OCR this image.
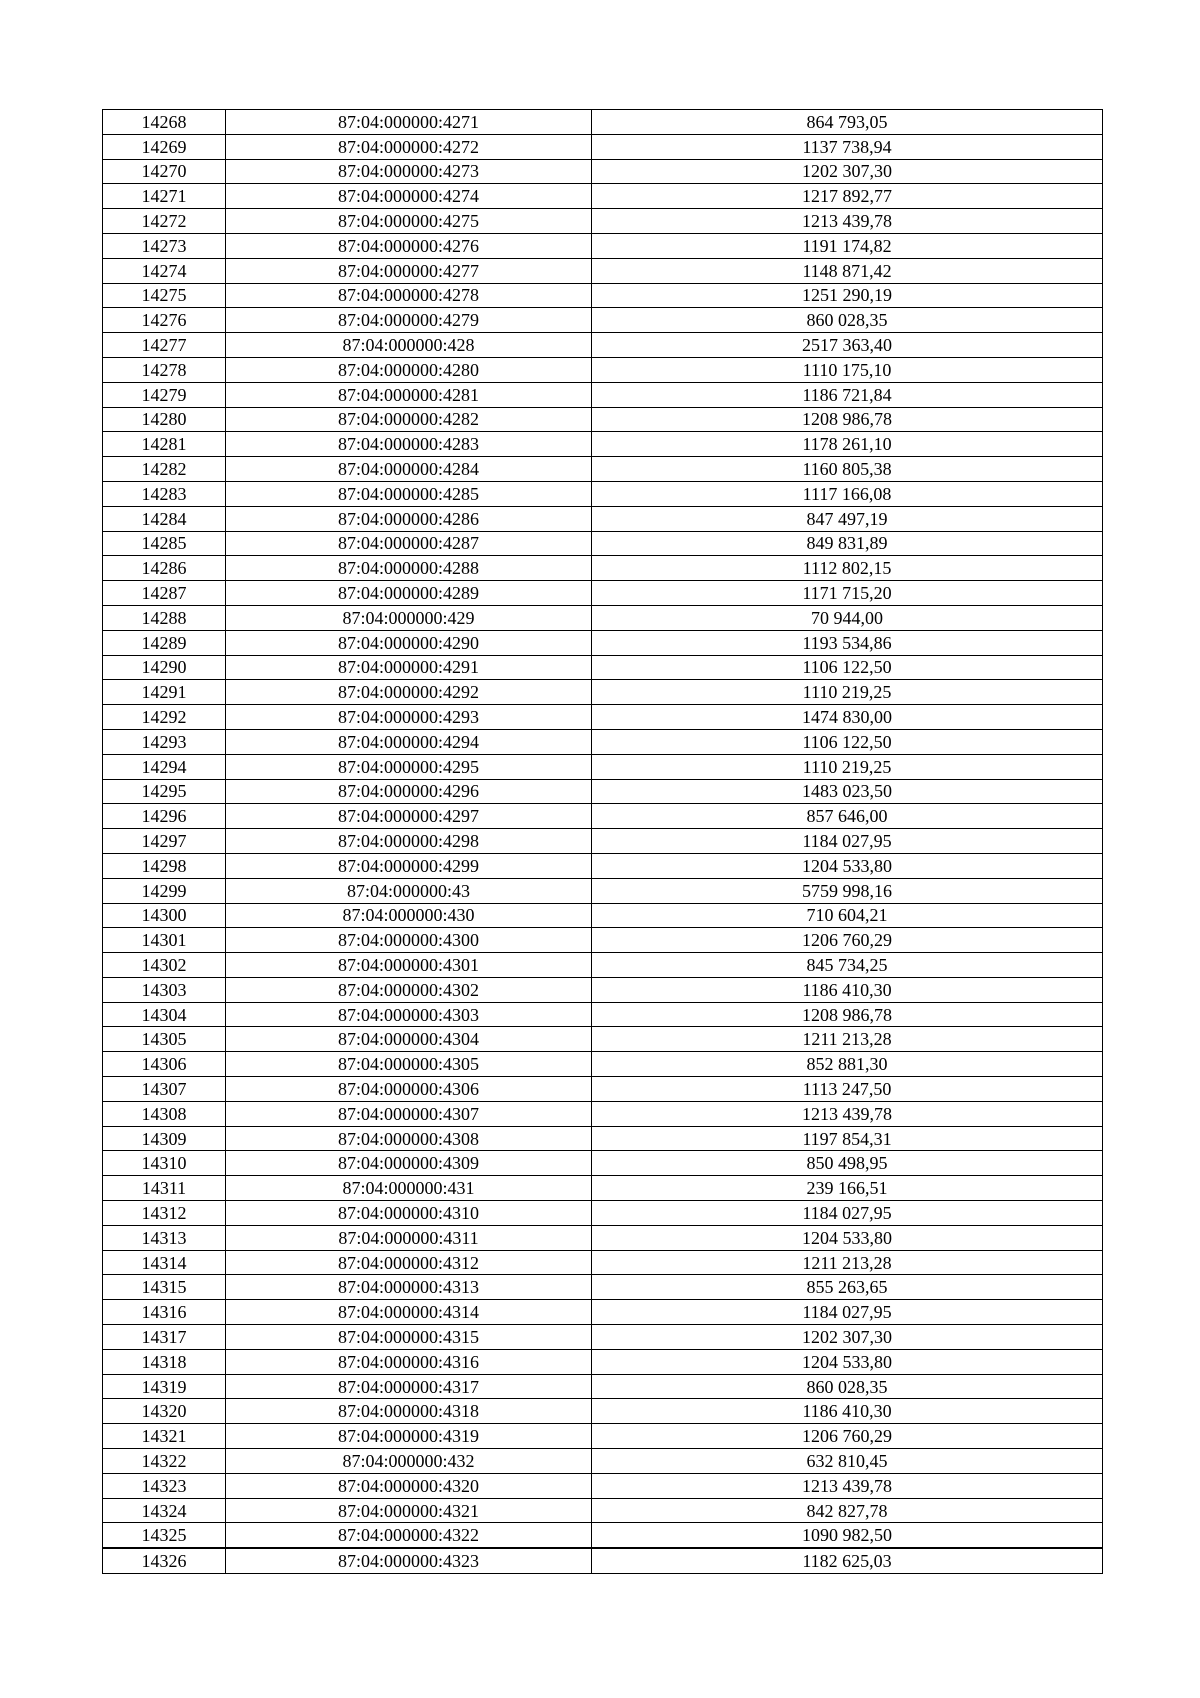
14268	87:04:000000:4271	864 793,05
14269	87:04:000000:4272	1137 738,94
14270	87:04:000000:4273	1202 307,30
14271	87:04:000000:4274	1217 892,77
14272	87:04:000000:4275	1213 439,78
14273	87:04:000000:4276	1191 174,82
14274	87:04:000000:4277	1148 871,42
14275	87:04:000000:4278	1251 290,19
14276	87:04:000000:4279	860 028,35
14277	87:04:000000:428	2517 363,40
14278	87:04:000000:4280	1110 175,10
14279	87:04:000000:4281	1186 721,84
14280	87:04:000000:4282	1208 986,78
14281	87:04:000000:4283	1178 261,10
14282	87:04:000000:4284	1160 805,38
14283	87:04:000000:4285	1117 166,08
14284	87:04:000000:4286	847 497,19
14285	87:04:000000:4287	849 831,89
14286	87:04:000000:4288	1112 802,15
14287	87:04:000000:4289	1171 715,20
14288	87:04:000000:429	70 944,00
14289	87:04:000000:4290	1193 534,86
14290	87:04:000000:4291	1106 122,50
14291	87:04:000000:4292	1110 219,25
14292	87:04:000000:4293	1474 830,00
14293	87:04:000000:4294	1106 122,50
14294	87:04:000000:4295	1110 219,25
14295	87:04:000000:4296	1483 023,50
14296	87:04:000000:4297	857 646,00
14297	87:04:000000:4298	1184 027,95
14298	87:04:000000:4299	1204 533,80
14299	87:04:000000:43	5759 998,16
14300	87:04:000000:430	710 604,21
14301	87:04:000000:4300	1206 760,29
14302	87:04:000000:4301	845 734,25
14303	87:04:000000:4302	1186 410,30
14304	87:04:000000:4303	1208 986,78
14305	87:04:000000:4304	1211 213,28
14306	87:04:000000:4305	852 881,30
14307	87:04:000000:4306	1113 247,50
14308	87:04:000000:4307	1213 439,78
14309	87:04:000000:4308	1197 854,31
14310	87:04:000000:4309	850 498,95
14311	87:04:000000:431	239 166,51
14312	87:04:000000:4310	1184 027,95
14313	87:04:000000:4311	1204 533,80
14314	87:04:000000:4312	1211 213,28
14315	87:04:000000:4313	855 263,65
14316	87:04:000000:4314	1184 027,95
14317	87:04:000000:4315	1202 307,30
14318	87:04:000000:4316	1204 533,80
14319	87:04:000000:4317	860 028,35
14320	87:04:000000:4318	1186 410,30
14321	87:04:000000:4319	1206 760,29
14322	87:04:000000:432	632 810,45
14323	87:04:000000:4320	1213 439,78
14324	87:04:000000:4321	842 827,78
14325	87:04:000000:4322	1090 982,50
14326	87:04:000000:4323	1182 625,03
